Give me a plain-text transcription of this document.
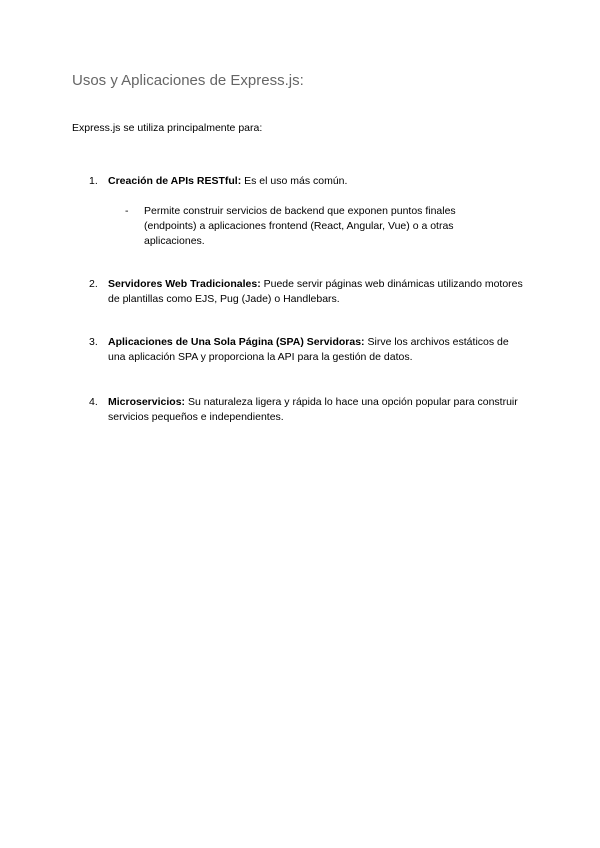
Usos y Aplicaciones de Express.js:

Express.js se utiliza principalmente para:

1. Creación de APIs RESTful: Es el uso más común.
- Permite construir servicios de backend que exponen puntos finales (endpoints) a aplicaciones frontend (React, Angular, Vue) o a otras aplicaciones.
2. Servidores Web Tradicionales: Puede servir páginas web dinámicas utilizando motores de plantillas como EJS, Pug (Jade) o Handlebars.
3. Aplicaciones de Una Sola Página (SPA) Servidoras: Sirve los archivos estáticos de una aplicación SPA y proporciona la API para la gestión de datos.
4. Microservicios: Su naturaleza ligera y rápida lo hace una opción popular para construir servicios pequeños e independientes.
